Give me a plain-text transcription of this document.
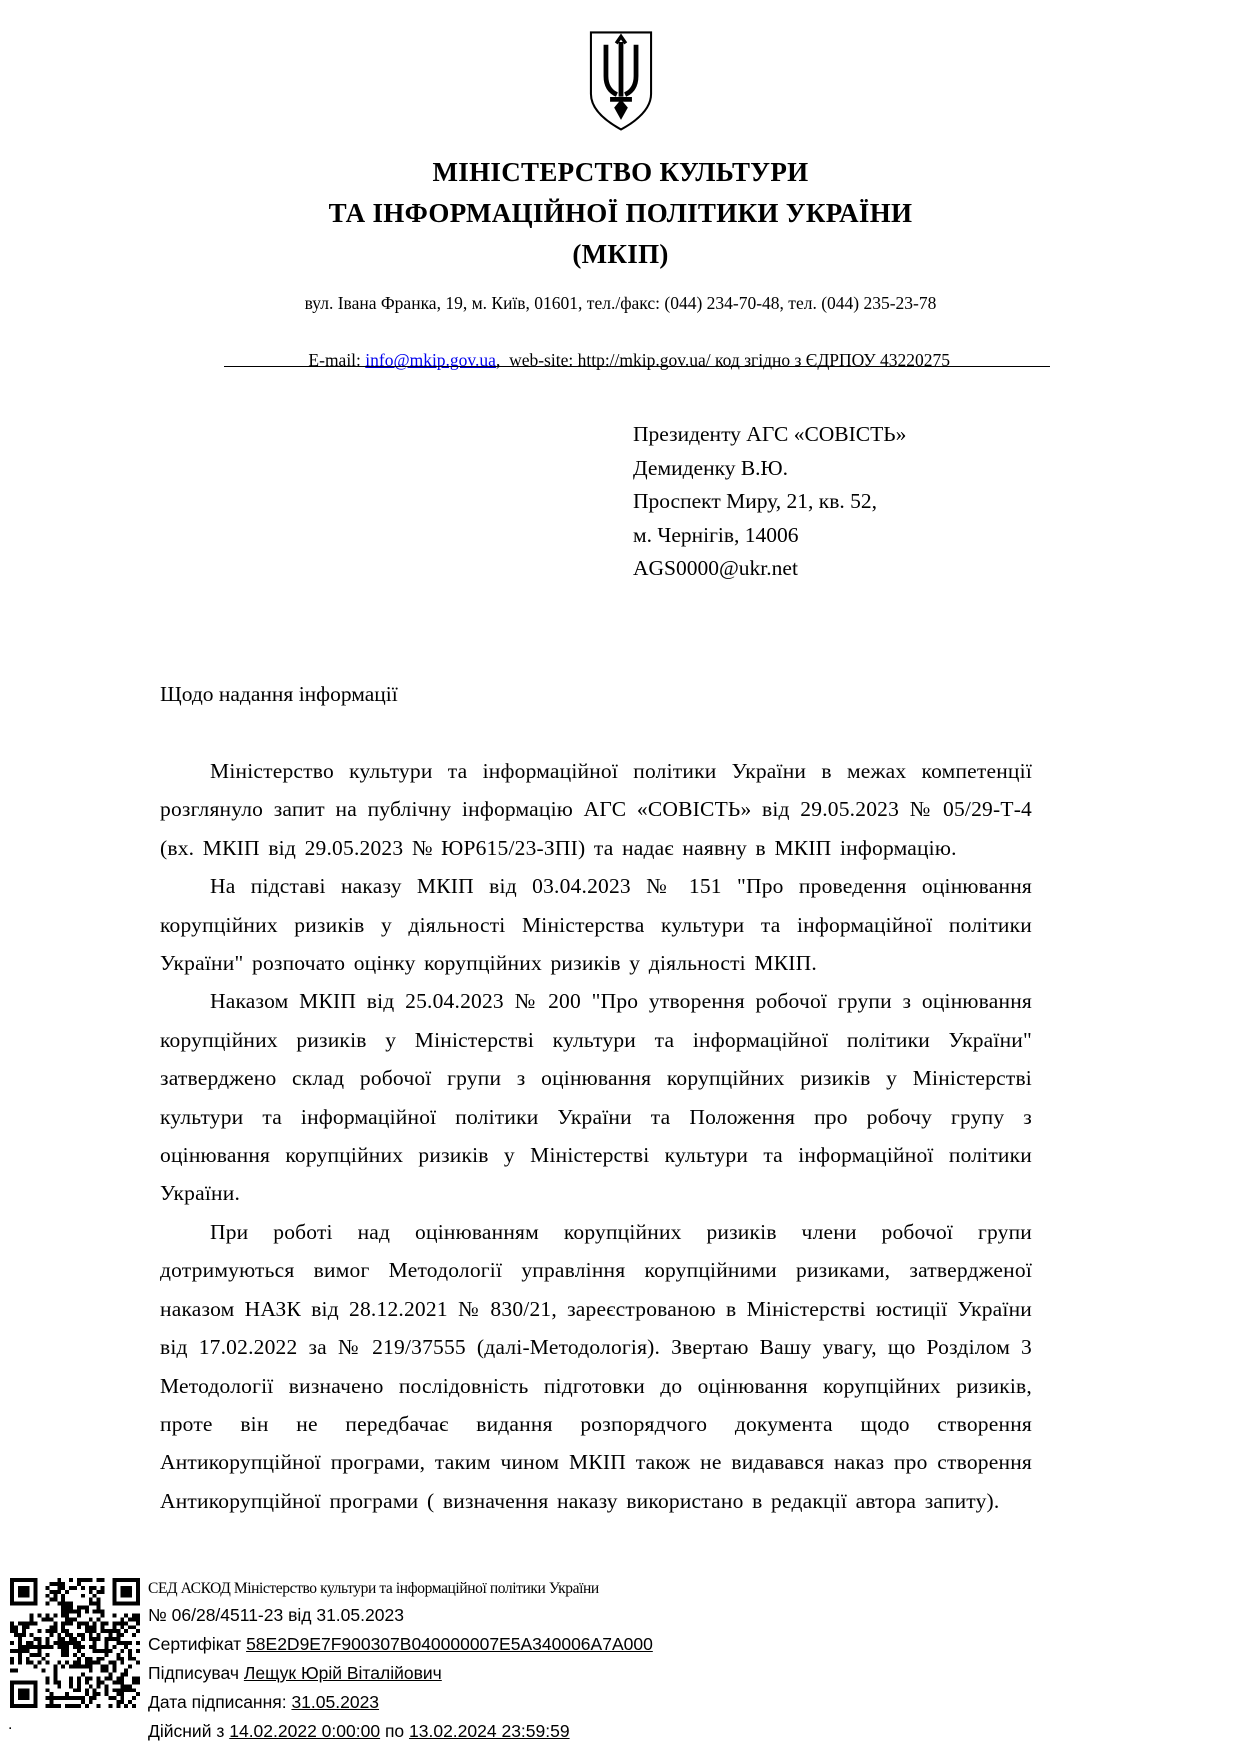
МІНІСТЕРСТВО КУЛЬТУРИ
ТА ІНФОРМАЦІЙНОЇ ПОЛІТИКИ УКРАЇНИ
(МКІП)
вул. Івана Франка, 19, м. Київ, 01601, тел./факс: (044) 234-70-48, тел. (044) 235-23-78

E-mail: info@mkip.gov.ua,  web-site: http://mkip.gov.ua/ код згідно з ЄДРПОУ 43220275

Президенту АГС «СОВІСТЬ»
Демиденку В.Ю.
Проспект Миру, 21, кв. 52,
м. Чернігів, 14006
AGS0000@ukr.net
Щодо надання інформації

Міністерство культури та інформаційної політики України в межах компетенції розглянуло запит на публічну інформацію АГС «СОВІСТЬ» від 29.05.2023 № 05/29-Т-4 (вх. МКІП від 29.05.2023 № ЮР615/23-ЗПІ) та надає наявну в МКІП інформацію.

На підставі наказу МКІП від 03.04.2023 № 151 "Про проведення оцінювання корупційних ризиків у діяльності Міністерства культури та інформаційної політики України" розпочато оцінку корупційних ризиків у діяльності МКІП.

Наказом МКІП від 25.04.2023 № 200 "Про утворення робочої групи з оцінювання корупційних ризиків у Міністерстві культури та інформаційної політики України" затверджено склад робочої групи з оцінювання корупційних ризиків у Міністерстві культури та інформаційної політики України та Положення про робочу групу з оцінювання корупційних ризиків у Міністерстві культури та інформаційної політики України.

При роботі над оцінюванням корупційних ризиків члени робочої групи дотримуються вимог Методології управління корупційними ризиками, затвердженої наказом НАЗК від 28.12.2021 № 830/21, зареєстрованою в Міністерстві юстиції України від 17.02.2022 за № 219/37555 (далі-Методологія). Звертаю Вашу увагу, що Розділом 3 Методології визначено послідовність підготовки до оцінювання корупційних ризиків, проте він не передбачає видання розпорядчого документа щодо створення Антикорупційної програми, таким чином МКІП також не видавався наказ про створення Антикорупційної програми ( визначення наказу використано в редакції автора запиту).

.
СЕД АСКОД Міністерство культури та інформаційної політики України
№ 06/28/4511-23 від 31.05.2023
Сертифікат 58E2D9E7F900307B040000007E5A340006A7A000
Підписувач Лещук Юрій Віталійович
Дата підписання: 31.05.2023
Дійсний з 14.02.2022 0:00:00 по 13.02.2024 23:59:59
